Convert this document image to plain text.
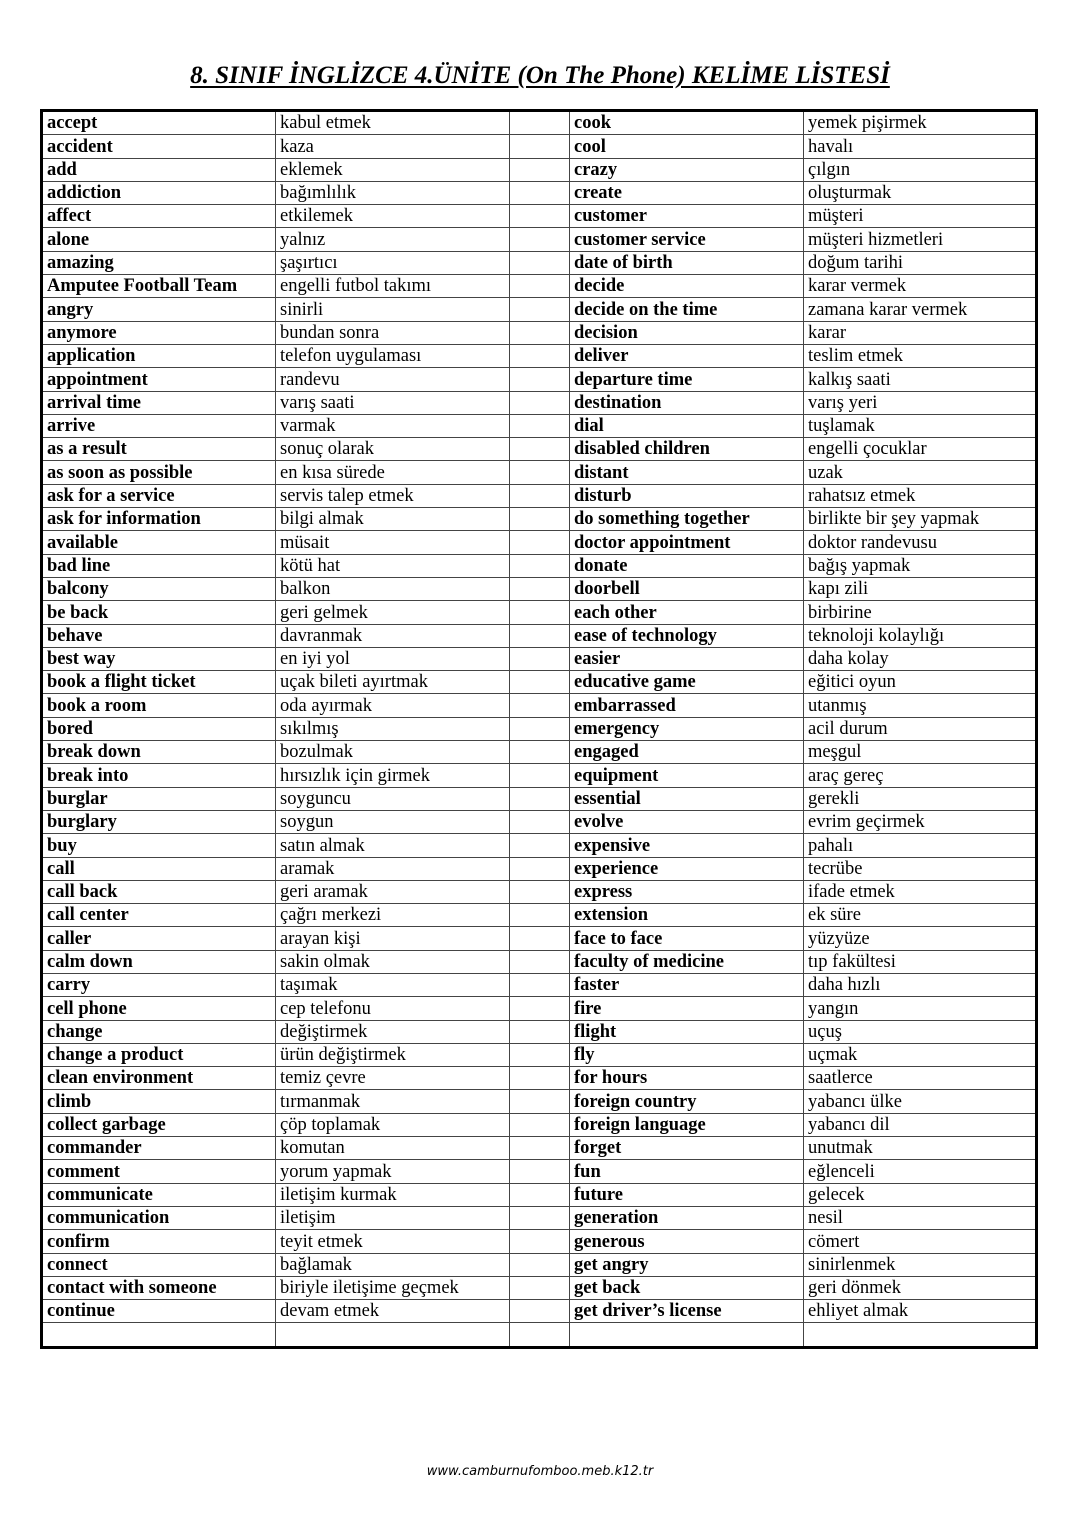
8. SINIF İNGLİZCE 4.ÜNİTE (On The Phone) KELİME LİSTESİ
accept	kabul etmek		cook	yemek pişirmek
accident	kaza		cool	havalı
add	eklemek		crazy	çılgın
addiction	bağımlılık		create	oluşturmak
affect	etkilemek		customer	müşteri
alone	yalnız		customer service	müşteri hizmetleri
amazing	şaşırtıcı		date of birth	doğum tarihi
Amputee Football Team	engelli futbol takımı		decide	karar vermek
angry	sinirli		decide on the time	zamana karar vermek
anymore	bundan sonra		decision	karar
application	telefon uygulaması		deliver	teslim etmek
appointment	randevu		departure time	kalkış saati
arrival time	varış saati		destination	varış yeri
arrive	varmak		dial	tuşlamak
as a result	sonuç olarak		disabled children	engelli çocuklar
as soon as possible	en kısa sürede		distant	uzak
ask for a service	servis talep etmek		disturb	rahatsız etmek
ask for information	bilgi almak		do something together	birlikte bir şey yapmak
available	müsait		doctor appointment	doktor randevusu
bad line	kötü hat		donate	bağış yapmak
balcony	balkon		doorbell	kapı zili
be back	geri gelmek		each other	birbirine
behave	davranmak		ease of technology	teknoloji kolaylığı
best way	en iyi yol		easier	daha kolay
book a flight ticket	uçak bileti ayırtmak		educative game	eğitici oyun
book a room	oda ayırmak		embarrassed	utanmış
bored	sıkılmış		emergency	acil durum
break down	bozulmak		engaged	meşgul
break into	hırsızlık için girmek		equipment	araç gereç
burglar	soyguncu		essential	gerekli
burglary	soygun		evolve	evrim geçirmek
buy	satın almak		expensive	pahalı
call	aramak		experience	tecrübe
call back	geri aramak		express	ifade etmek
call center	çağrı merkezi		extension	ek süre
caller	arayan kişi		face to face	yüzyüze
calm down	sakin olmak		faculty of medicine	tıp fakültesi
carry	taşımak		faster	daha hızlı
cell phone	cep telefonu		fire	yangın
change	değiştirmek		flight	uçuş
change a product	ürün değiştirmek		fly	uçmak
clean environment	temiz çevre		for hours	saatlerce
climb	tırmanmak		foreign country	yabancı ülke
collect garbage	çöp toplamak		foreign language	yabancı dil
commander	komutan		forget	unutmak
comment	yorum yapmak		fun	eğlenceli
communicate	iletişim kurmak		future	gelecek
communication	iletişim		generation	nesil
confirm	teyit etmek		generous	cömert
connect	bağlamak		get angry	sinirlenmek
contact with someone	biriyle iletişime geçmek		get back	geri dönmek
continue	devam etmek		get driver’s license	ehliyet almak

www.camburnufomboo.meb.k12.tr
